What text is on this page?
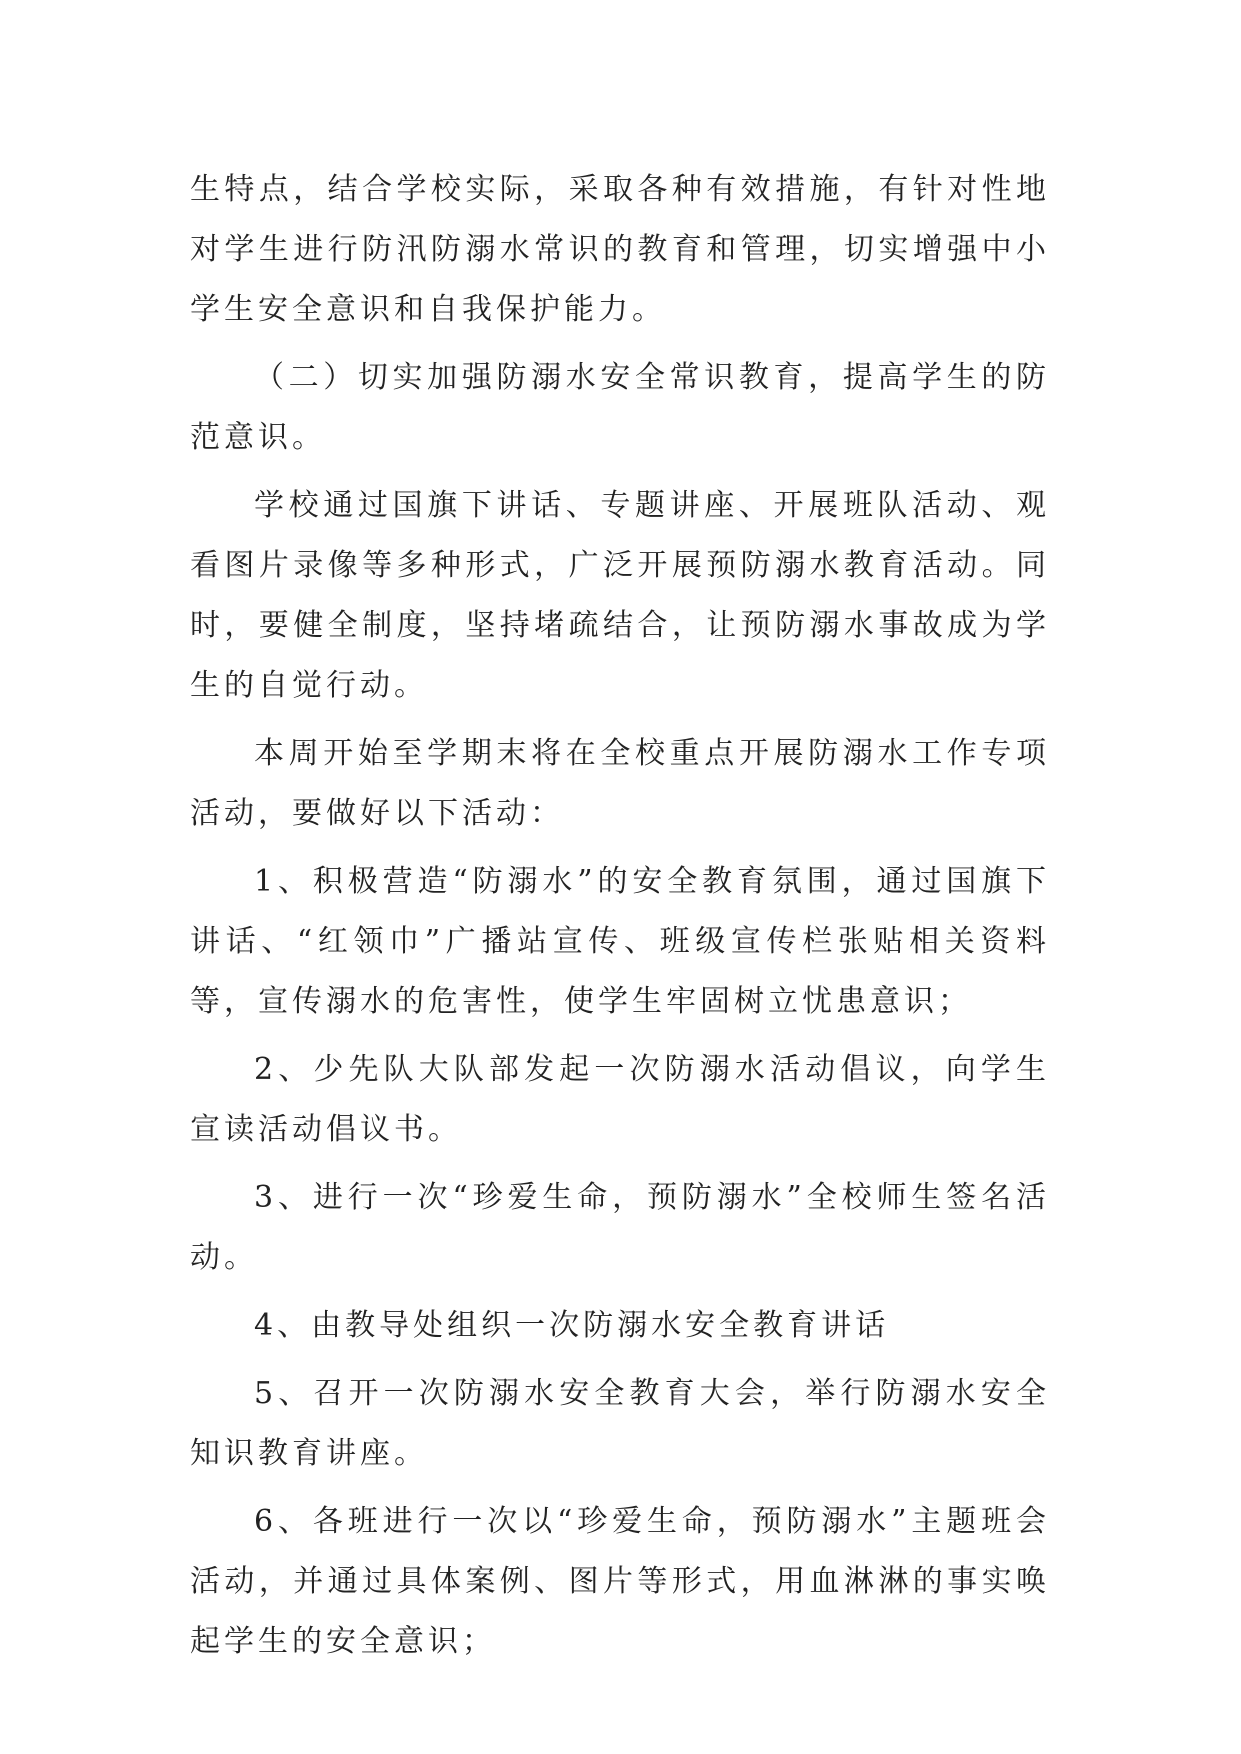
生特点，结合学校实际，采取各种有效措施，有针对性地对学生进行防汛防溺水常识的教育和管理，切实增强中小学生安全意识和自我保护能力。

（二）切实加强防溺水安全常识教育，提高学生的防范意识。

学校通过国旗下讲话、专题讲座、开展班队活动、观看图片录像等多种形式，广泛开展预防溺水教育活动。同时，要健全制度，坚持堵疏结合，让预防溺水事故成为学生的自觉行动。

本周开始至学期末将在全校重点开展防溺水工作专项活动，要做好以下活动：

1、积极营造“防溺水”的安全教育氛围，通过国旗下讲话、“红领巾”广播站宣传、班级宣传栏张贴相关资料等，宣传溺水的危害性，使学生牢固树立忧患意识；

2、少先队大队部发起一次防溺水活动倡议，向学生宣读活动倡议书。

3、进行一次“珍爱生命，预防溺水”全校师生签名活动。

4、由教导处组织一次防溺水安全教育讲话

5、召开一次防溺水安全教育大会，举行防溺水安全知识教育讲座。

6、各班进行一次以“珍爱生命，预防溺水”主题班会活动，并通过具体案例、图片等形式，用血淋淋的事实唤起学生的安全意识；
